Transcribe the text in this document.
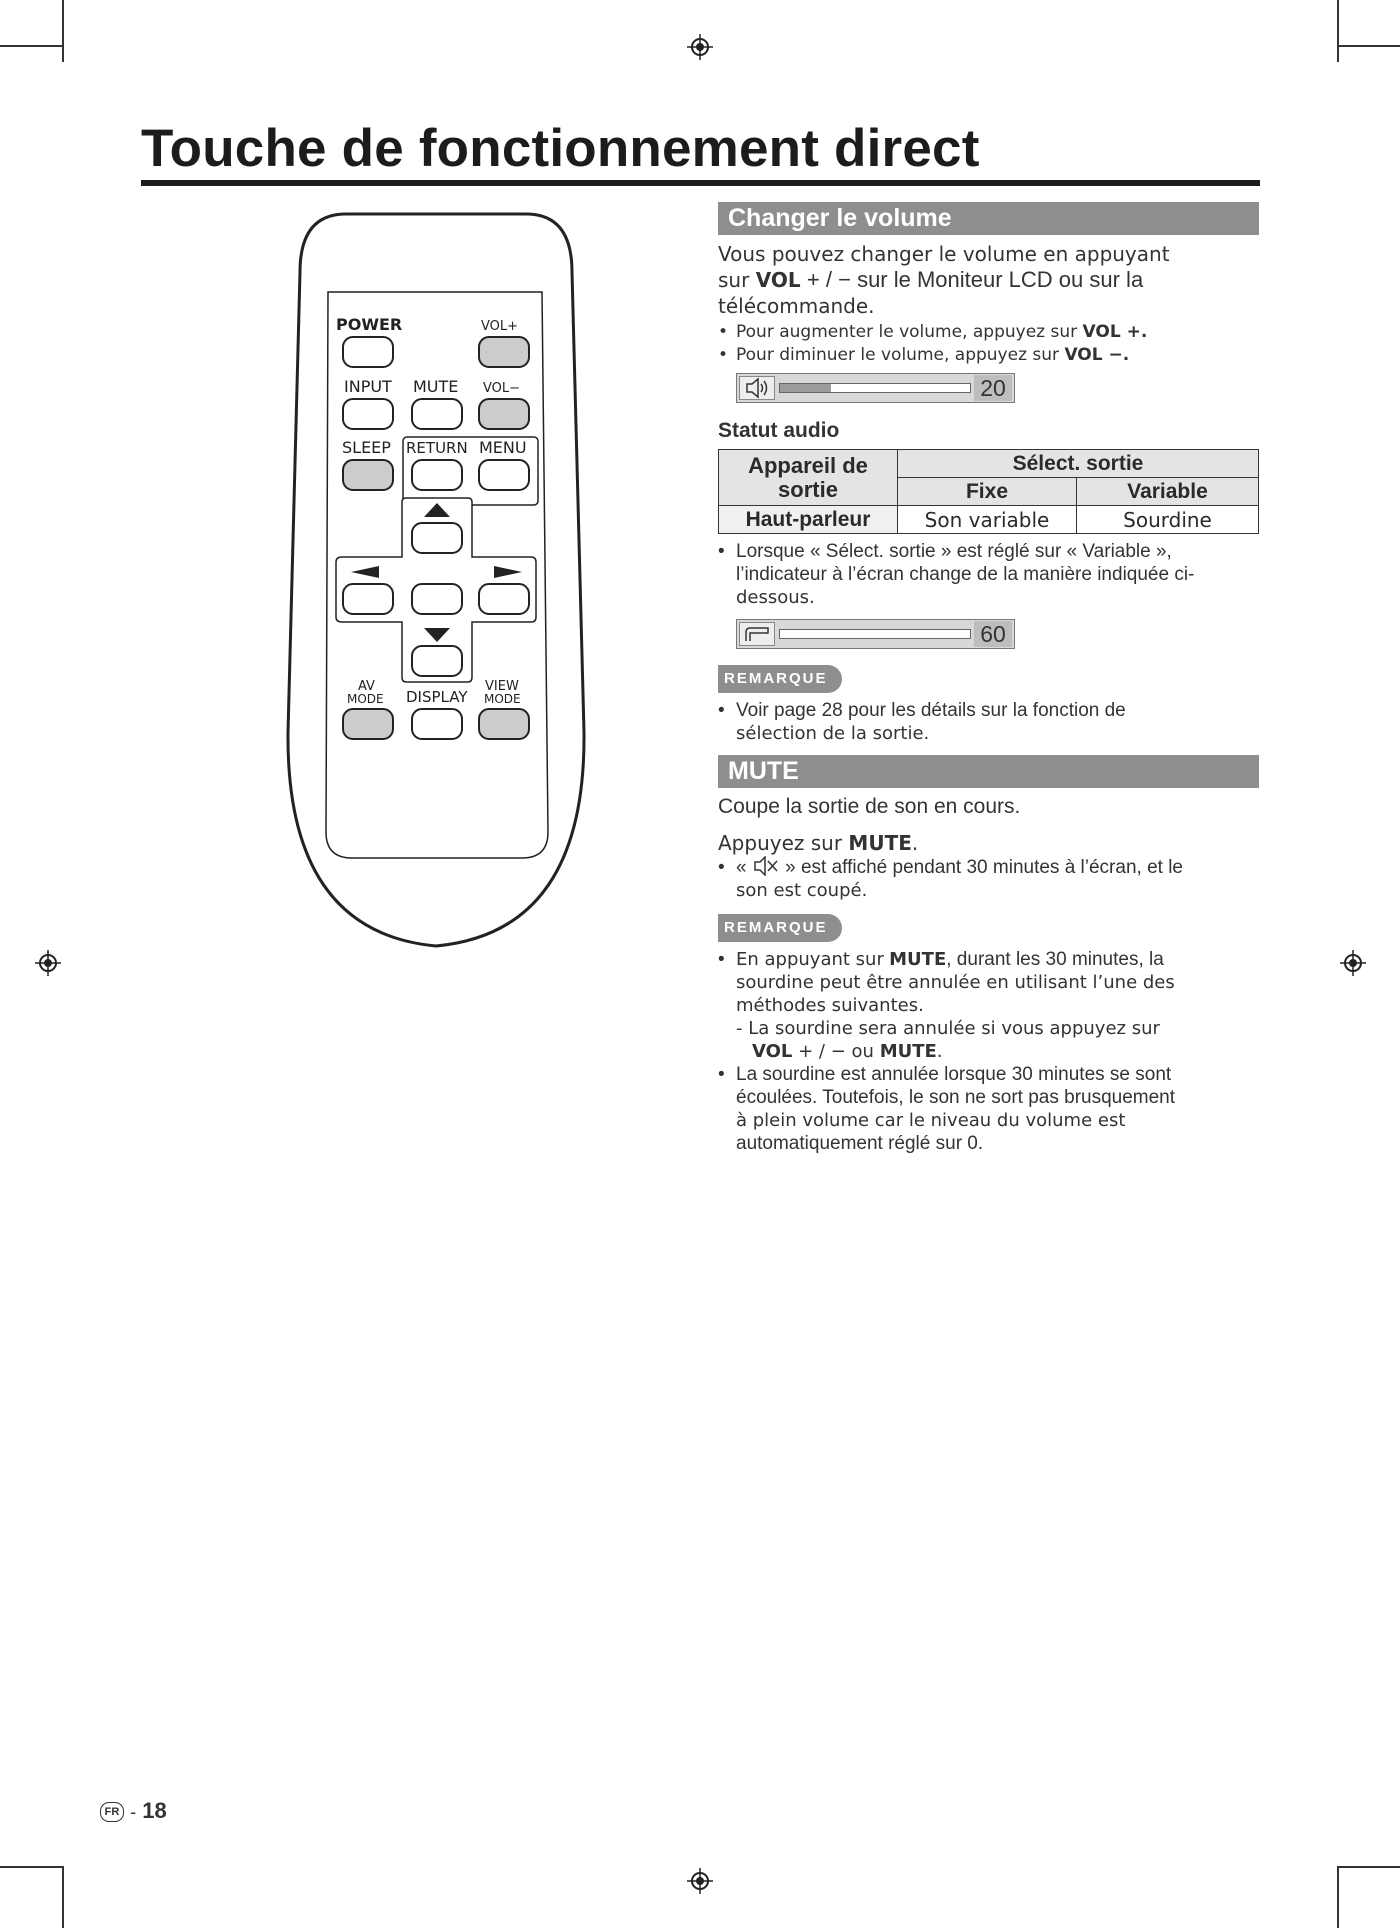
Touche de fonctionnement direct
POWER	VOL+
INPUT MUTE VOL−
SLEEP RETURN MENU
AV
MODE DISPLAY
VIEW
MODE
Changer le volume
Vous pouvez changer le volume en appuyant
sur VOL + / − sur le Moniteur LCD ou sur la
télécommande.
• Pour augmenter le volume, appuyez sur VOL +.
• Pour diminuer le volume, appuyez sur VOL −.
20
Statut audio
Appareil de sortie	Sélect. sortie	
	Fixe	Variable
Haut-parleur	Son variable	Sourdine
• Lorsque « Sélect. sortie » est réglé sur « Variable »,
l’indicateur à l’écran change de la manière indiquée ci-
dessous.
60
REMARQUE
• Voir page 28 pour les détails sur la fonction de
sélection de la sortie.
MUTE
Coupe la sortie de son en cours.
Appuyez sur MUTE.
• « » est affiché pendant 30 minutes à l’écran, et le
son est coupé.
REMARQUE
• En appuyant sur MUTE, durant les 30 minutes, la
sourdine peut être annulée en utilisant l’une des
méthodes suivantes.
- La sourdine sera annulée si vous appuyez sur
VOL + / − ou MUTE.
• La sourdine est annulée lorsque 30 minutes se sont
écoulées. Toutefois, le son ne sort pas brusquement
à plein volume car le niveau du volume est
automatiquement réglé sur 0.
FR - 18
